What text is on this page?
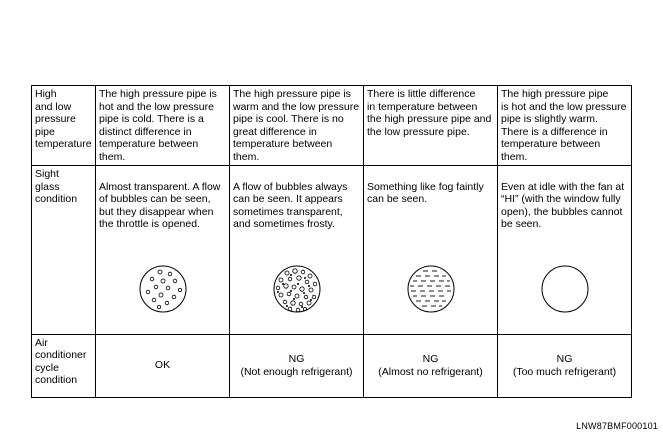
High
and low
pressure
pipe
temperature	The high pressure pipe is
hot and the low pressure
pipe is cold. There is a
distinct difference in
temperature between them.	The high pressure pipe is
warm and the low pressure
pipe is cool. There is no
great difference in
temperature between them.	There is little difference
in temperature between
the high pressure pipe and
the low pressure pipe.	The high pressure pipe
is hot and the low pressure
pipe is slightly warm.
There is a difference in
temperature between them.
Sight
glass
condition	Almost transparent. A flow
of bubbles can be seen,
but they disappear when
the throttle is opened.	A flow of bubbles always
can be seen. It appears
sometimes transparent,
and sometimes frosty.	Something like fog faintly
can be seen.	Even at idle with the fan at
“HI” (with the window fully
open), the bubbles cannot
be seen.

Air
conditioner
cycle
condition	OK	NG
(Not enough refrigerant)	NG
(Almost no refrigerant)	NG
(Too much refrigerant)
LNW87BMF000101
